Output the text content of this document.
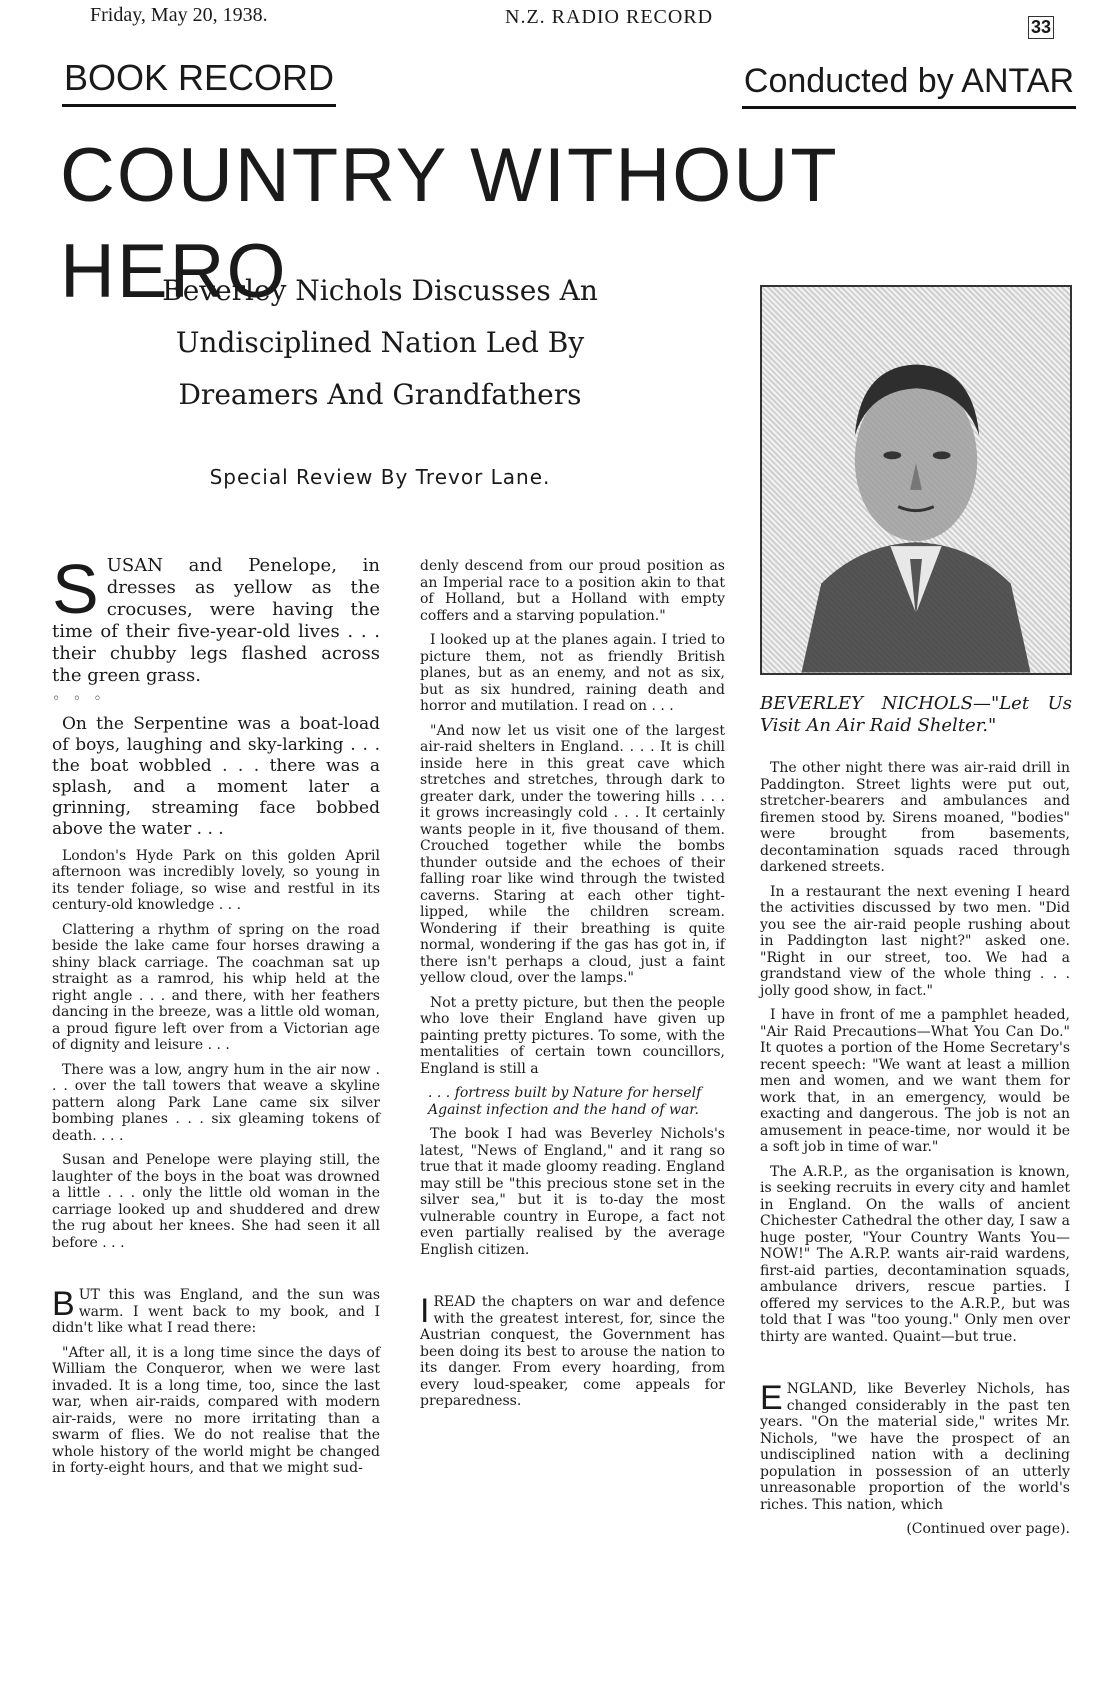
Friday, May 20, 1938.	N.Z. RADIO RECORD	33
BOOK RECORD	Conducted by ANTAR
COUNTRY WITHOUT HERO
Beverley Nichols Discusses An
Undisciplined Nation Led By
Dreamers And Grandfathers
Special Review By Trevor Lane.
BEVERLEY NICHOLS—"Let Us Visit An Air Raid Shelter."
S USAN and Penelope, in dresses as yellow as the crocuses, were having the time of their five-year-old lives . . . their chubby legs flashed across the green grass.

◦ ◦ ◦

On the Serpentine was a boat-load of boys, laughing and sky-larking . . . the boat wobbled . . . there was a splash, and a moment later a grinning, streaming face bobbed above the water . . .

London's Hyde Park on this golden April afternoon was incredibly lovely, so young in its tender foliage, so wise and restful in its century-old knowledge . . .

Clattering a rhythm of spring on the road beside the lake came four horses drawing a shiny black carriage. The coachman sat up straight as a ramrod, his whip held at the right angle . . . and there, with her feathers dancing in the breeze, was a little old woman, a proud figure left over from a Victorian age of dignity and leisure . . .

There was a low, angry hum in the air now . . . over the tall towers that weave a skyline pattern along Park Lane came six silver bombing planes . . . six gleaming tokens of death. . . .

Susan and Penelope were playing still, the laughter of the boys in the boat was drowned a little . . . only the little old woman in the carriage looked up and shuddered and drew the rug about her knees. She had seen it all before . . .

BUT this was England, and the sun was warm. I went back to my book, and I didn't like what I read there:

"After all, it is a long time since the days of William the Conqueror, when we were last invaded. It is a long time, too, since the last war, when air-raids, compared with modern air-raids, were no more irritating than a swarm of flies. We do not realise that the whole history of the world might be changed in forty-eight hours, and that we might sud-

denly descend from our proud position as an Imperial race to a position akin to that of Holland, but a Holland with empty coffers and a starving population."

I looked up at the planes again. I tried to picture them, not as friendly British planes, but as an enemy, and not as six, but as six hundred, raining death and horror and mutilation. I read on . . .

"And now let us visit one of the largest air-raid shelters in England. . . . It is chill inside here in this great cave which stretches and stretches, through dark to greater dark, under the towering hills . . . it grows increasingly cold . . . It certainly wants people in it, five thousand of them. Crouched together while the bombs thunder outside and the echoes of their falling roar like wind through the twisted caverns. Staring at each other tight-lipped, while the children scream. Wondering if their breathing is quite normal, wondering if the gas has got in, if there isn't perhaps a cloud, just a faint yellow cloud, over the lamps."

Not a pretty picture, but then the people who love their England have given up painting pretty pictures. To some, with the mentalities of certain town councillors, England is still a

. . . fortress built by Nature for herself

Against infection and the hand of war.

The book I had was Beverley Nichols's latest, "News of England," and it rang so true that it made gloomy reading. England may still be "this precious stone set in the silver sea," but it is to-day the most vulnerable country in Europe, a fact not even partially realised by the average English citizen.

IREAD the chapters on war and defence with the greatest interest, for, since the Austrian conquest, the Government has been doing its best to arouse the nation to its danger. From every hoarding, from every loud-speaker, come appeals for preparedness.

The other night there was air-raid drill in Paddington. Street lights were put out, stretcher-bearers and ambulances and firemen stood by. Sirens moaned, "bodies" were brought from basements, decontamination squads raced through darkened streets.

In a restaurant the next evening I heard the activities discussed by two men. "Did you see the air-raid people rushing about in Paddington last night?" asked one. "Right in our street, too. We had a grandstand view of the whole thing . . . jolly good show, in fact."

I have in front of me a pamphlet headed, "Air Raid Precautions—What You Can Do." It quotes a portion of the Home Secretary's recent speech: "We want at least a million men and women, and we want them for work that, in an emergency, would be exacting and dangerous. The job is not an amusement in peace-time, nor would it be a soft job in time of war."

The A.R.P., as the organisation is known, is seeking recruits in every city and hamlet in England. On the walls of ancient Chichester Cathedral the other day, I saw a huge poster, "Your Country Wants You—NOW!" The A.R.P. wants air-raid wardens, first-aid parties, decontamination squads, ambulance drivers, rescue parties. I offered my services to the A.R.P., but was told that I was "too young." Only men over thirty are wanted. Quaint—but true.

ENGLAND, like Beverley Nichols, has changed considerably in the past ten years. "On the material side," writes Mr. Nichols, "we have the prospect of an undisciplined nation with a declining population in possession of an utterly unreasonable proportion of the world's riches. This nation, which

(Continued over page).
